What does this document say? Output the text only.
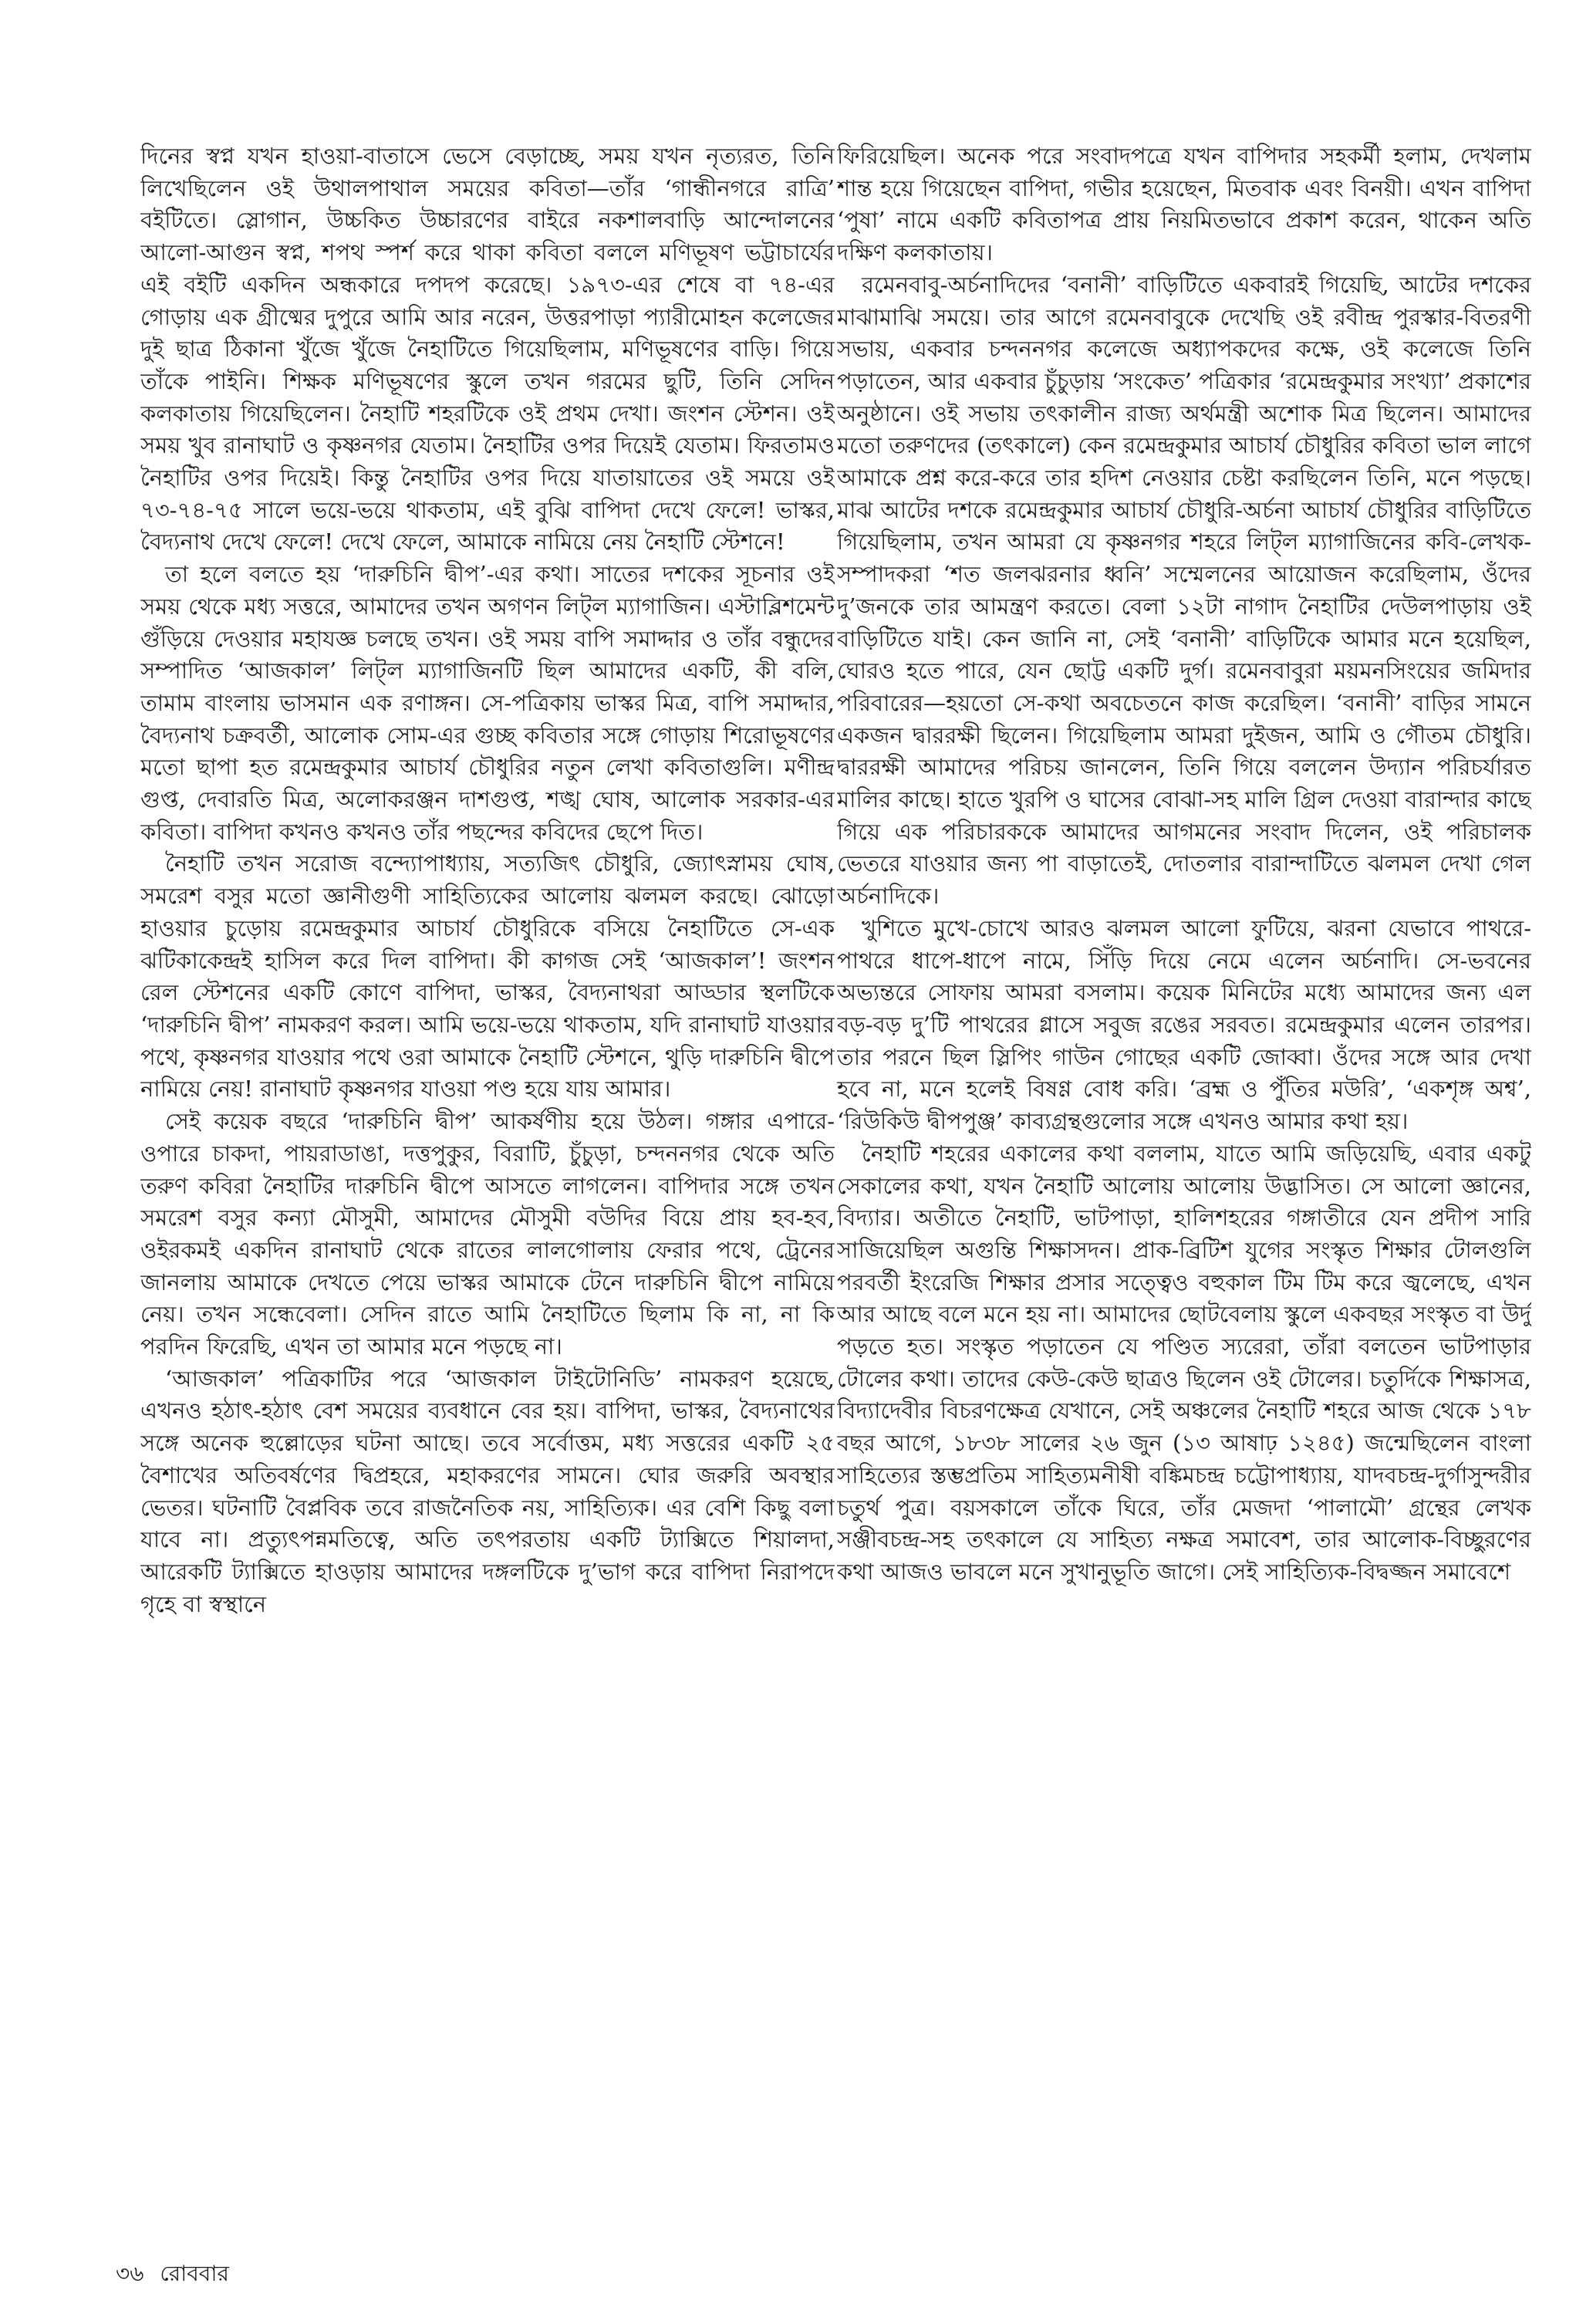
দিনের স্বপ্ন যখন হাওয়া-বাতাসে ভেসে বেড়াচ্ছে, সময় যখন নৃত্যরত, তিনি লিখেছিলেন ওই উথালপাথাল সময়ের কবিতা—তাঁর ‘গান্ধীনগরে রাত্রি’ বইটিতে। স্লোগান, উচ্চকিত উচ্চারণের বাইরে নকশালবাড়ি আন্দোলনের আলো-আগুন স্বপ্ন, শপথ স্পর্শ করে থাকা কবিতা বললে মণিভূষণ ভট্টাচার্যের এই বইটি একদিন অন্ধকারে দপদপ করেছে। ১৯৭৩-এর শেষে বা ৭৪-এর গোড়ায় এক গ্রীষ্মের দুপুরে আমি আর নরেন, উত্তরপাড়া প্যারীমোহন কলেজের দুই ছাত্র ঠিকানা খুঁজে খুঁজে নৈহাটিতে গিয়েছিলাম, মণিভূষণের বাড়ি। গিয়ে তাঁকে পাইনি। শিক্ষক মণিভূষণের স্কুলে তখন গরমের ছুটি, তিনি সেদিন কলকাতায় গিয়েছিলেন। নৈহাটি শহরটিকে ওই প্রথম দেখা। জংশন স্টেশন। ওই সময় খুব রানাঘাট ও কৃষ্ণনগর যেতাম। নৈহাটির ওপর দিয়েই যেতাম। ফিরতামও নৈহাটির ওপর দিয়েই। কিন্তু নৈহাটির ওপর দিয়ে যাতায়াতের ওই সময়ে ওই ৭৩-৭৪-৭৫ সালে ভয়ে-ভয়ে থাকতাম, এই বুঝি বাপিদা দেখে ফেলে! ভাস্কর, বৈদ্যনাথ দেখে ফেলে! দেখে ফেলে, আমাকে নামিয়ে নেয় নৈহাটি স্টেশনে!

তা হলে বলতে হয় ‘দারুচিনি দ্বীপ’-এর কথা। সাতের দশকের সূচনার ওই সময় থেকে মধ্য সত্তরে, আমাদের তখন অগণন লিট্‌ল ম্যাগাজিন। এস্টাব্লিশমেন্ট গুঁড়িয়ে দেওয়ার মহাযজ্ঞ চলছে তখন। ওই সময় বাপি সমাদ্দার ও তাঁর বন্ধুদের সম্পাদিত ‘আজকাল’ লিট্‌ল ম্যাগাজিনটি ছিল আমাদের একটি, কী বলি, তামাম বাংলায় ভাসমান এক রণাঙ্গন। সে-পত্রিকায় ভাস্কর মিত্র, বাপি সমাদ্দার, বৈদ্যনাথ চক্রবর্তী, আলোক সোম-এর গুচ্ছ কবিতার সঙ্গে গোড়ায় শিরোভূষণের মতো ছাপা হত রমেন্দ্রকুমার আচার্য চৌধুরির নতুন লেখা কবিতাগুলি। মণীন্দ্র গুপ্ত, দেবারতি মিত্র, অলোকরঞ্জন দাশগুপ্ত, শঙ্খ ঘোষ, আলোক সরকার-এর কবিতা। বাপিদা কখনও কখনও তাঁর পছন্দের কবিদের ছেপে দিত।

নৈহাটি তখন সরোজ বন্দ্যোপাধ্যায়, সত্যজিৎ চৌধুরি, জ্যোৎস্নাময় ঘোষ, সমরেশ বসুর মতো জ্ঞানীগুণী সাহিত্যিকের আলোয় ঝলমল করছে। ঝোড়ো হাওয়ার চুড়োয় রমেন্দ্রকুমার আচার্য চৌধুরিকে বসিয়ে নৈহাটিতে সে-এক ঝটিকাকেন্দ্রই হাসিল করে দিল বাপিদা। কী কাগজ সেই ‘আজকাল’! জংশন রেল স্টেশনের একটি কোণে বাপিদা, ভাস্কর, বৈদ্যনাথরা আড্ডার স্থলটিকে ‘দারুচিনি দ্বীপ’ নামকরণ করল। আমি ভয়ে-ভয়ে থাকতাম, যদি রানাঘাট যাওয়ার পথে, কৃষ্ণনগর যাওয়ার পথে ওরা আমাকে নৈহাটি স্টেশনে, থুড়ি দারুচিনি দ্বীপে নামিয়ে নেয়! রানাঘাট কৃষ্ণনগর যাওয়া পণ্ড হয়ে যায় আমার।

সেই কয়েক বছরে ‘দারুচিনি দ্বীপ’ আকর্ষণীয় হয়ে উঠল। গঙ্গার এপারে-ওপারে চাকদা, পায়রাডাঙা, দত্তপুকুর, বিরাটি, চুঁচুড়া, চন্দননগর থেকে অতি তরুণ কবিরা নৈহাটির দারুচিনি দ্বীপে আসতে লাগলেন। বাপিদার সঙ্গে তখন সমরেশ বসুর কন্যা মৌসুমী, আমাদের মৌসুমী বউদির বিয়ে প্রায় হব-হব, ওইরকমই একদিন রানাঘাট থেকে রাতের লালগোলায় ফেরার পথে, ট্রেনের জানলায় আমাকে দেখতে পেয়ে ভাস্কর আমাকে টেনে দারুচিনি দ্বীপে নামিয়ে নেয়। তখন সন্ধেবেলা। সেদিন রাতে আমি নৈহাটিতে ছিলাম কি না, না কি পরদিন ফিরেছি, এখন তা আমার মনে পড়ছে না।

‘আজকাল’ পত্রিকাটির পরে ‘আজকাল টাইটোনিডি’ নামকরণ হয়েছে, এখনও হঠাৎ-হঠাৎ বেশ সময়ের ব্যবধানে বের হয়। বাপিদা, ভাস্কর, বৈদ্যনাথের সঙ্গে অনেক হুল্লোড়ের ঘটনা আছে। তবে সর্বোত্তম, মধ্য সত্তরের একটি ২৫ বৈশাখের অতিবর্ষণের দ্বিপ্রহরে, মহাকরণের সামনে। ঘোর জরুরি অবস্থার ভেতর। ঘটনাটি বৈপ্লবিক তবে রাজনৈতিক নয়, সাহিত্যিক। এর বেশি কিছু বলা যাবে না। প্রত্যুৎপন্নমতিত্বে, অতি তৎপরতায় একটি ট্যাক্সিতে শিয়ালদা, আরেকটি ট্যাক্সিতে হাওড়ায় আমাদের দঙ্গলটিকে দু’ভাগ করে বাপিদা নিরাপদে গৃহে বা স্বস্থানে

ফিরিয়েছিল। অনেক পরে সংবাদপত্রে যখন বাপিদার সহকর্মী হলাম, দেখলাম শান্ত হয়ে গিয়েছেন বাপিদা, গভীর হয়েছেন, মিতবাক এবং বিনয়ী। এখন বাপিদা ‘পুষা’ নামে একটি কবিতাপত্র প্রায় নিয়মিতভাবে প্রকাশ করেন, থাকেন অতি দক্ষিণ কলকাতায়।

রমেনবাবু-অর্চনাদিদের ‘বনানী’ বাড়িটিতে একবারই গিয়েছি, আটের দশকের মাঝামাঝি সময়ে। তার আগে রমেনবাবুকে দেখেছি ওই রবীন্দ্র পুরস্কার-বিতরণী সভায়, একবার চন্দননগর কলেজে অধ্যাপকদের কক্ষে, ওই কলেজে তিনি পড়াতেন, আর একবার চুঁচুড়ায় ‘সংকেত’ পত্রিকার ‘রমেন্দ্রকুমার সংখ্যা’ প্রকাশের অনুষ্ঠানে। ওই সভায় তৎকালীন রাজ্য অর্থমন্ত্রী অশোক মিত্র ছিলেন। আমাদের মতো তরুণদের (তৎকালে) কেন রমেন্দ্রকুমার আচার্য চৌধুরির কবিতা ভাল লাগে আমাকে প্রশ্ন করে-করে তার হদিশ নেওয়ার চেষ্টা করছিলেন তিনি, মনে পড়ছে। মাঝ আটের দশকে রমেন্দ্রকুমার আচার্য চৌধুরি-অর্চনা আচার্য চৌধুরির বাড়িটিতে গিয়েছিলাম, তখন আমরা যে কৃষ্ণনগর শহরে লিট্‌ল ম্যাগাজিনের কবি-লেখক-সম্পাদকরা ‘শত জলঝরনার ধ্বনি’ সম্মেলনের আয়োজন করেছিলাম, ওঁদের দু’জনকে তার আমন্ত্রণ করতে। বেলা ১২টা নাগাদ নৈহাটির দেউলপাড়ায় ওই বাড়িটিতে যাই। কেন জানি না, সেই ‘বনানী’ বাড়িটিকে আমার মনে হয়েছিল, ঘোরও হতে পারে, যেন ছোট্ট একটি দুর্গ। রমেনবাবুরা ময়মনসিংয়ের জমিদার পরিবারের—হয়তো সে-কথা অবচেতনে কাজ করেছিল। ‘বনানী’ বাড়ির সামনে একজন দ্বাররক্ষী ছিলেন। গিয়েছিলাম আমরা দুইজন, আমি ও গৌতম চৌধুরি। দ্বাররক্ষী আমাদের পরিচয় জানলেন, তিনি গিয়ে বললেন উদ্যান পরিচর্যারত মালির কাছে। হাতে খুরপি ও ঘাসের বোঝা-সহ মালি গ্রিল দেওয়া বারান্দার কাছে গিয়ে এক পরিচারককে আমাদের আগমনের সংবাদ দিলেন, ওই পরিচালক ভেতরে যাওয়ার জন্য পা বাড়াতেই, দোতলার বারান্দাটিতে ঝলমল দেখা গেল অর্চনাদিকে।

খুশিতে মুখে-চোখে আরও ঝলমল আলো ফুটিয়ে, ঝরনা যেভাবে পাথরে-পাথরে ধাপে-ধাপে নামে, সিঁড়ি দিয়ে নেমে এলেন অর্চনাদি। সে-ভবনের অভ্যন্তরে সোফায় আমরা বসলাম। কয়েক মিনিটের মধ্যে আমাদের জন্য এল বড়-বড় দু’টি পাথরের গ্লাসে সবুজ রঙের সরবত। রমেন্দ্রকুমার এলেন তারপর। তার পরনে ছিল স্লিপিং গাউন গোছের একটি জোব্বা। ওঁদের সঙ্গে আর দেখা হবে না, মনে হলেই বিষণ্ণ বোধ করি। ‘ব্রহ্ম ও পুঁতির মউরি’, ‘একশৃঙ্গ অশ্ব’, ‘রিউকিউ দ্বীপপুঞ্জ’ কাব্যগ্রন্থগুলোর সঙ্গে এখনও আমার কথা হয়।

নৈহাটি শহরের একালের কথা বললাম, যাতে আমি জড়িয়েছি, এবার একটু সেকালের কথা, যখন নৈহাটি আলোয় আলোয় উদ্ভাসিত। সে আলো জ্ঞানের, বিদ্যার। অতীতে নৈহাটি, ভাটপাড়া, হালিশহরের গঙ্গাতীরে যেন প্রদীপ সারি সাজিয়েছিল অগুন্তি শিক্ষাসদন। প্রাক-ব্রিটিশ যুগের সংস্কৃত শিক্ষার টোলগুলি পরবর্তী ইংরেজি শিক্ষার প্রসার সত্ত্বেও বহুকাল টিম টিম করে জ্বলেছে, এখন আর আছে বলে মনে হয় না। আমাদের ছোটবেলায় স্কুলে একবছর সংস্কৃত বা উর্দু পড়তে হত। সংস্কৃত পড়াতেন যে পণ্ডিত স্যরেরা, তাঁরা বলতেন ভাটপাড়ার টোলের কথা। তাদের কেউ-কেউ ছাত্রও ছিলেন ওই টোলের। চতুর্দিকে শিক্ষাসত্র, বিদ্যাদেবীর বিচরণক্ষেত্র যেখানে, সেই অঞ্চলের নৈহাটি শহরে আজ থেকে ১৭৮ বছর আগে, ১৮৩৮ সালের ২৬ জুন (১৩ আষাঢ় ১২৪৫) জন্মেছিলেন বাংলা সাহিত্যের স্তম্ভপ্রতিম সাহিত্যমনীষী বঙ্কিমচন্দ্র চট্টোপাধ্যায়, যাদবচন্দ্র-দুর্গাসুন্দরীর চতুর্থ পুত্র। বয়সকালে তাঁকে ঘিরে, তাঁর মেজদা ‘পালামৌ’ গ্রন্থের লেখক সঞ্জীবচন্দ্র-সহ তৎকালে যে সাহিত্য নক্ষত্র সমাবেশ, তার আলোক-বিচ্ছুরণের কথা আজও ভাবলে মনে সুখানুভূতি জাগে। সেই সাহিত্যিক-বিদ্বজ্জন সমাবেশে

৩৬ রোববার
